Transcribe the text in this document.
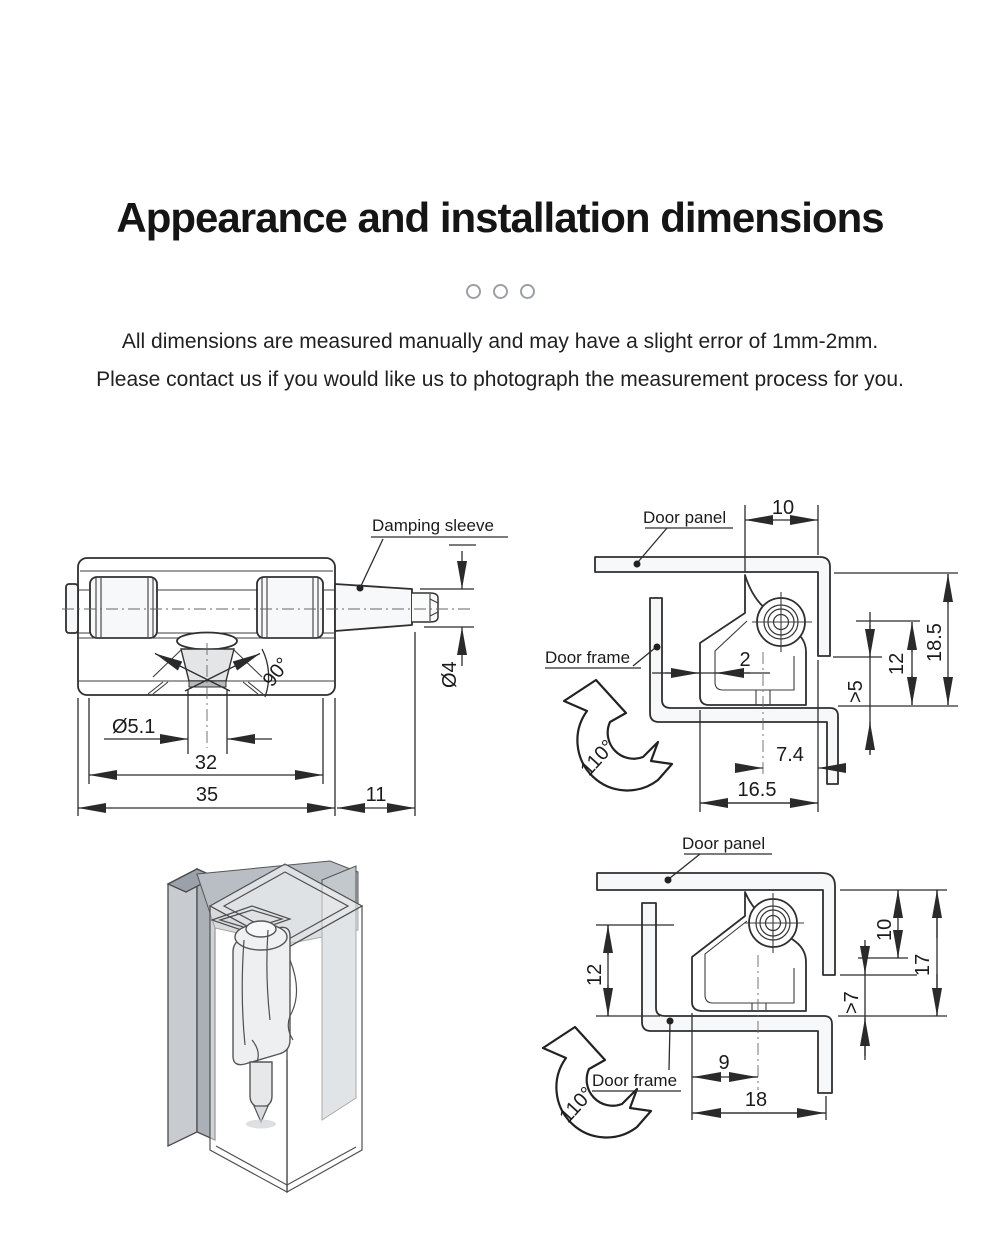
Appearance and installation dimensions

All dimensions are measured manually and may have a slight error of 1mm-2mm.

Please contact us if you would like us to photograph the measurement process for you.

90°
Damping sleeve
Ø4
Ø5.1
32
35	11
110°
Door panel
Door frame
10
2
>5
12
18.5
7.4
16.5
110°
Door panel
Door frame
12
10
>7
17
9
18
